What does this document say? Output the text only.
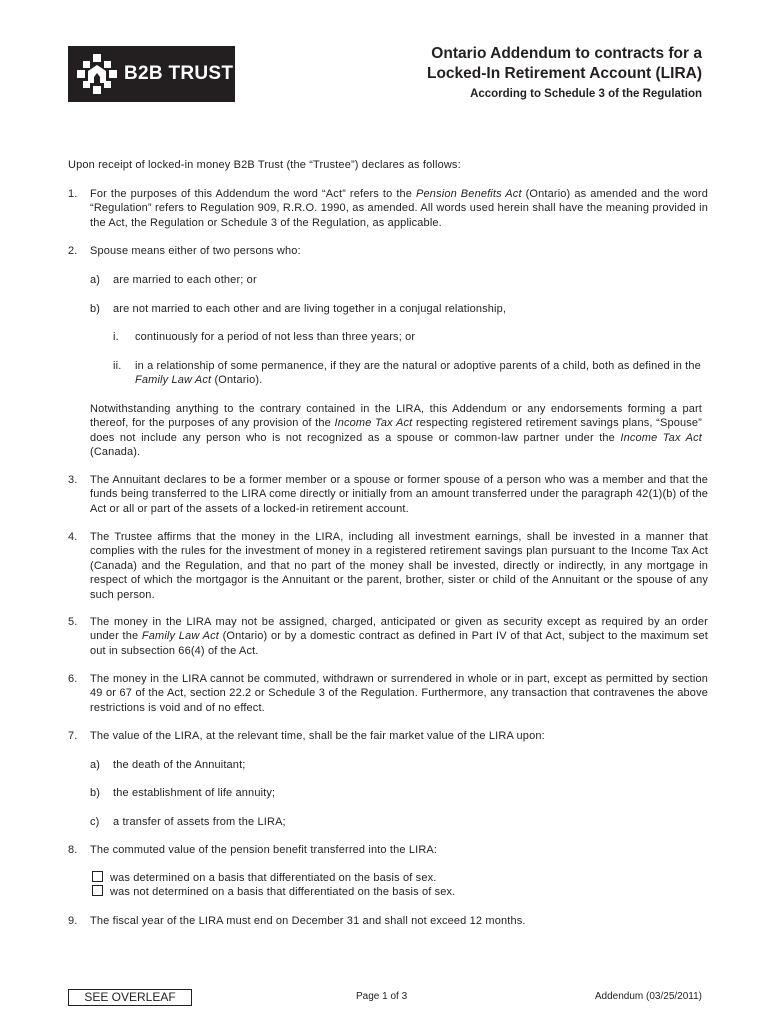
B2B TRUST
Ontario Addendum to contracts for a
Locked-In Retirement Account (LIRA)
According to Schedule 3 of the Regulation
Upon receipt of locked-in money B2B Trust (the “Trustee”) declares as follows:
1. For the purposes of this Addendum the word “Act” refers to the Pension Benefits Act (Ontario) as amended and the word “Regulation” refers to Regulation 909, R.R.O. 1990, as amended. All words used herein shall have the meaning provided in the Act, the Regulation or Schedule 3 of the Regulation, as applicable.
2. Spouse means either of two persons who:
a) are married to each other; or
b) are not married to each other and are living together in a conjugal relationship,
i. continuously for a period of not less than three years; or
ii. in a relationship of some permanence, if they are the natural or adoptive parents of a child, both as defined in the Family Law Act (Ontario).
Notwithstanding anything to the contrary contained in the LIRA, this Addendum or any endorsements forming a part thereof, for the purposes of any provision of the Income Tax Act respecting registered retirement savings plans, “Spouse” does not include any person who is not recognized as a spouse or common-law partner under the Income Tax Act (Canada).
3. The Annuitant declares to be a former member or a spouse or former spouse of a person who was a member and that the funds being transferred to the LIRA come directly or initially from an amount transferred under the paragraph 42(1)(b) of the Act or all or part of the assets of a locked-in retirement account.
4. The Trustee affirms that the money in the LIRA, including all investment earnings, shall be invested in a manner that complies with the rules for the investment of money in a registered retirement savings plan pursuant to the Income Tax Act (Canada) and the Regulation, and that no part of the money shall be invested, directly or indirectly, in any mortgage in respect of which the mortgagor is the Annuitant or the parent, brother, sister or child of the Annuitant or the spouse of any such person.
5. The money in the LIRA may not be assigned, charged, anticipated or given as security except as required by an order under the Family Law Act (Ontario) or by a domestic contract as defined in Part IV of that Act, subject to the maximum set out in subsection 66(4) of the Act.
6. The money in the LIRA cannot be commuted, withdrawn or surrendered in whole or in part, except as permitted by section 49 or 67 of the Act, section 22.2 or Schedule 3 of the Regulation. Furthermore, any transaction that contravenes the above restrictions is void and of no effect.
7. The value of the LIRA, at the relevant time, shall be the fair market value of the LIRA upon:
a) the death of the Annuitant;
b) the establishment of life annuity;
c) a transfer of assets from the LIRA;
8. The commuted value of the pension benefit transferred into the LIRA:
was determined on a basis that differentiated on the basis of sex.
was not determined on a basis that differentiated on the basis of sex.
9. The fiscal year of the LIRA must end on December 31 and shall not exceed 12 months.
SEE OVERLEAF	Page 1 of 3	Addendum (03/25/2011)
